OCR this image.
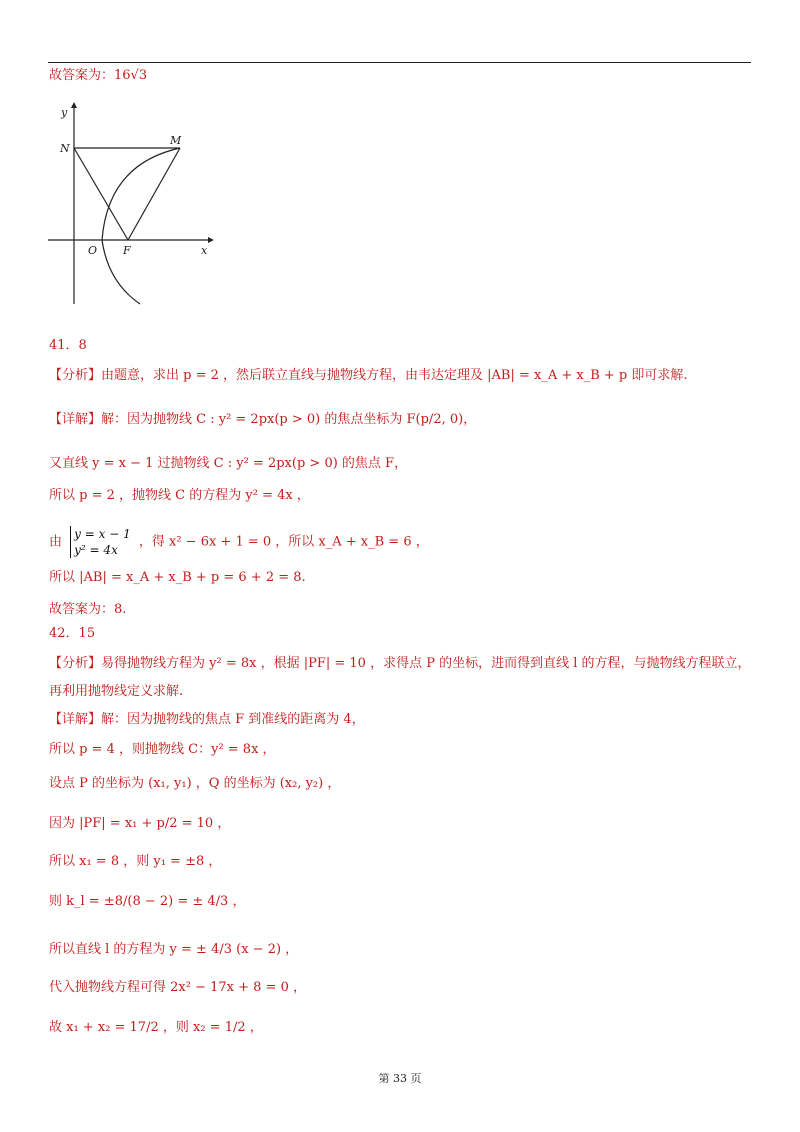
故答案为：16√3
y
N
M
O F	x
41．8
【分析】由题意，求出 p = 2 ，然后联立直线与抛物线方程，由韦达定理及 |AB| = x_A + x_B + p 即可求解.
【详解】解：因为抛物线 C : y² = 2px(p > 0) 的焦点坐标为 F(p/2, 0)，
又直线 y = x − 1 过抛物线 C : y² = 2px(p > 0) 的焦点 F，
所以 p = 2 ，抛物线 C 的方程为 y² = 4x ，
由
y = x − 1
y² = 4x
，得 x² − 6x + 1 = 0 ，所以 x_A + x_B = 6 ，
所以 |AB| = x_A + x_B + p = 6 + 2 = 8.
故答案为：8.
42．15
【分析】易得抛物线方程为 y² = 8x ，根据 |PF| = 10 ，求得点 P 的坐标，进而得到直线 l 的方程，与抛物线方程联立，
再利用抛物线定义求解.
【详解】解：因为抛物线的焦点 F 到准线的距离为 4，
所以 p = 4 ，则抛物线 C：y² = 8x ，
设点 P 的坐标为 (x₁, y₁) ，Q 的坐标为 (x₂, y₂) ，
因为 |PF| = x₁ + p/2 = 10 ，
所以 x₁ = 8 ，则 y₁ = ±8 ，
则 k_l = ±8/(8 − 2) = ± 4/3 ，
所以直线 l 的方程为 y = ± 4/3 (x − 2) ，
代入抛物线方程可得 2x² − 17x + 8 = 0 ，
故 x₁ + x₂ = 17/2 ，则 x₂ = 1/2 ，
第 33 页
